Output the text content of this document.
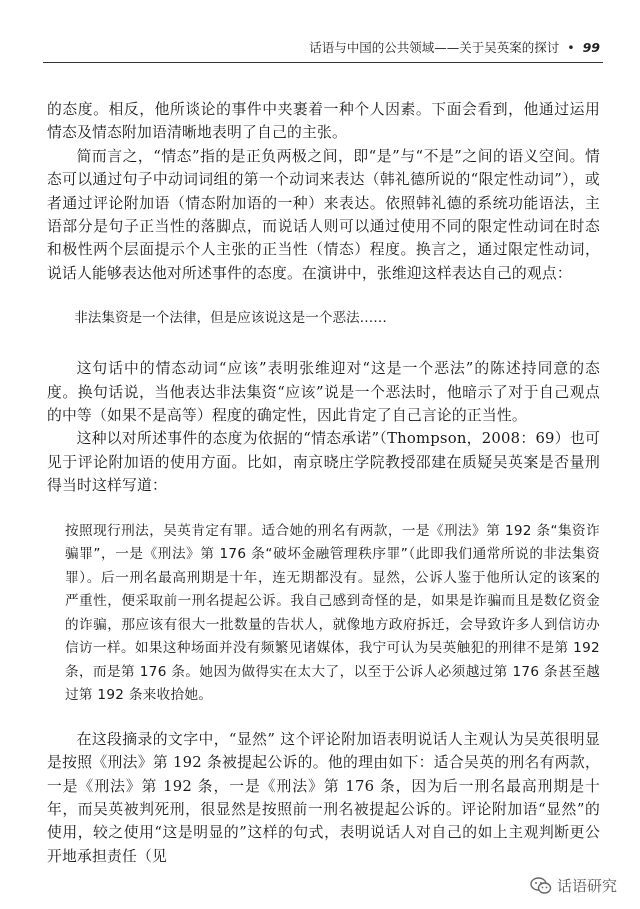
话语与中国的公共领域——关于吴英案的探讨 • 99

的态度。相反，他所谈论的事件中夹裹着一种个人因素。下面会看到，他通过运用情态及情态附加语清晰地表明了自己的主张。

简而言之，“情态”指的是正负两极之间，即“是”与“不是”之间的语义空间。情态可以通过句子中动词词组的第一个动词来表达（韩礼德所说的“限定性动词”），或者通过评论附加语（情态附加语的一种）来表达。依照韩礼德的系统功能语法，主语部分是句子正当性的落脚点，而说话人则可以通过使用不同的限定性动词在时态和极性两个层面提示个人主张的正当性（情态）程度。换言之，通过限定性动词，说话人能够表达他对所述事件的态度。在演讲中，张维迎这样表达自己的观点：

非法集资是一个法律，但是应该说这是一个恶法……

这句话中的情态动词“应该”表明张维迎对“这是一个恶法”的陈述持同意的态度。换句话说，当他表达非法集资“应该”说是一个恶法时，他暗示了对于自己观点的中等（如果不是高等）程度的确定性，因此肯定了自己言论的正当性。

这种以对所述事件的态度为依据的“情态承诺”（Thompson，2008：69）也可见于评论附加语的使用方面。比如，南京晓庄学院教授邵建在质疑吴英案是否量刑得当时这样写道：

按照现行刑法，吴英肯定有罪。适合她的刑名有两款，一是《刑法》第 192 条“集资诈骗罪”，一是《刑法》第 176 条“破坏金融管理秩序罪”（此即我们通常所说的非法集资罪）。后一刑名最高刑期是十年，连无期都没有。显然，公诉人鉴于他所认定的该案的严重性，便采取前一刑名提起公诉。我自己感到奇怪的是，如果是诈骗而且是数亿资金的诈骗，那应该有很大一批数量的告状人，就像地方政府拆迁，会导致许多人到信访办信访一样。如果这种场面并没有频繁见诸媒体，我宁可认为吴英触犯的刑律不是第 192 条，而是第 176 条。她因为做得实在太大了，以至于公诉人必须越过第 176 条甚至越过第 192 条来收拾她。

在这段摘录的文字中，“显然” 这个评论附加语表明说话人主观认为吴英很明显是按照《刑法》第 192 条被提起公诉的。他的理由如下：适合吴英的刑名有两款，一是《刑法》第 192 条，一是《刑法》第 176 条，因为后一刑名最高刑期是十年，而吴英被判死刑，很显然是按照前一刑名被提起公诉的。评论附加语“显然”的使用，较之使用“这是明显的”这样的句式，表明说话人对自己的如上主观判断更公开地承担责任（见

话语研究
